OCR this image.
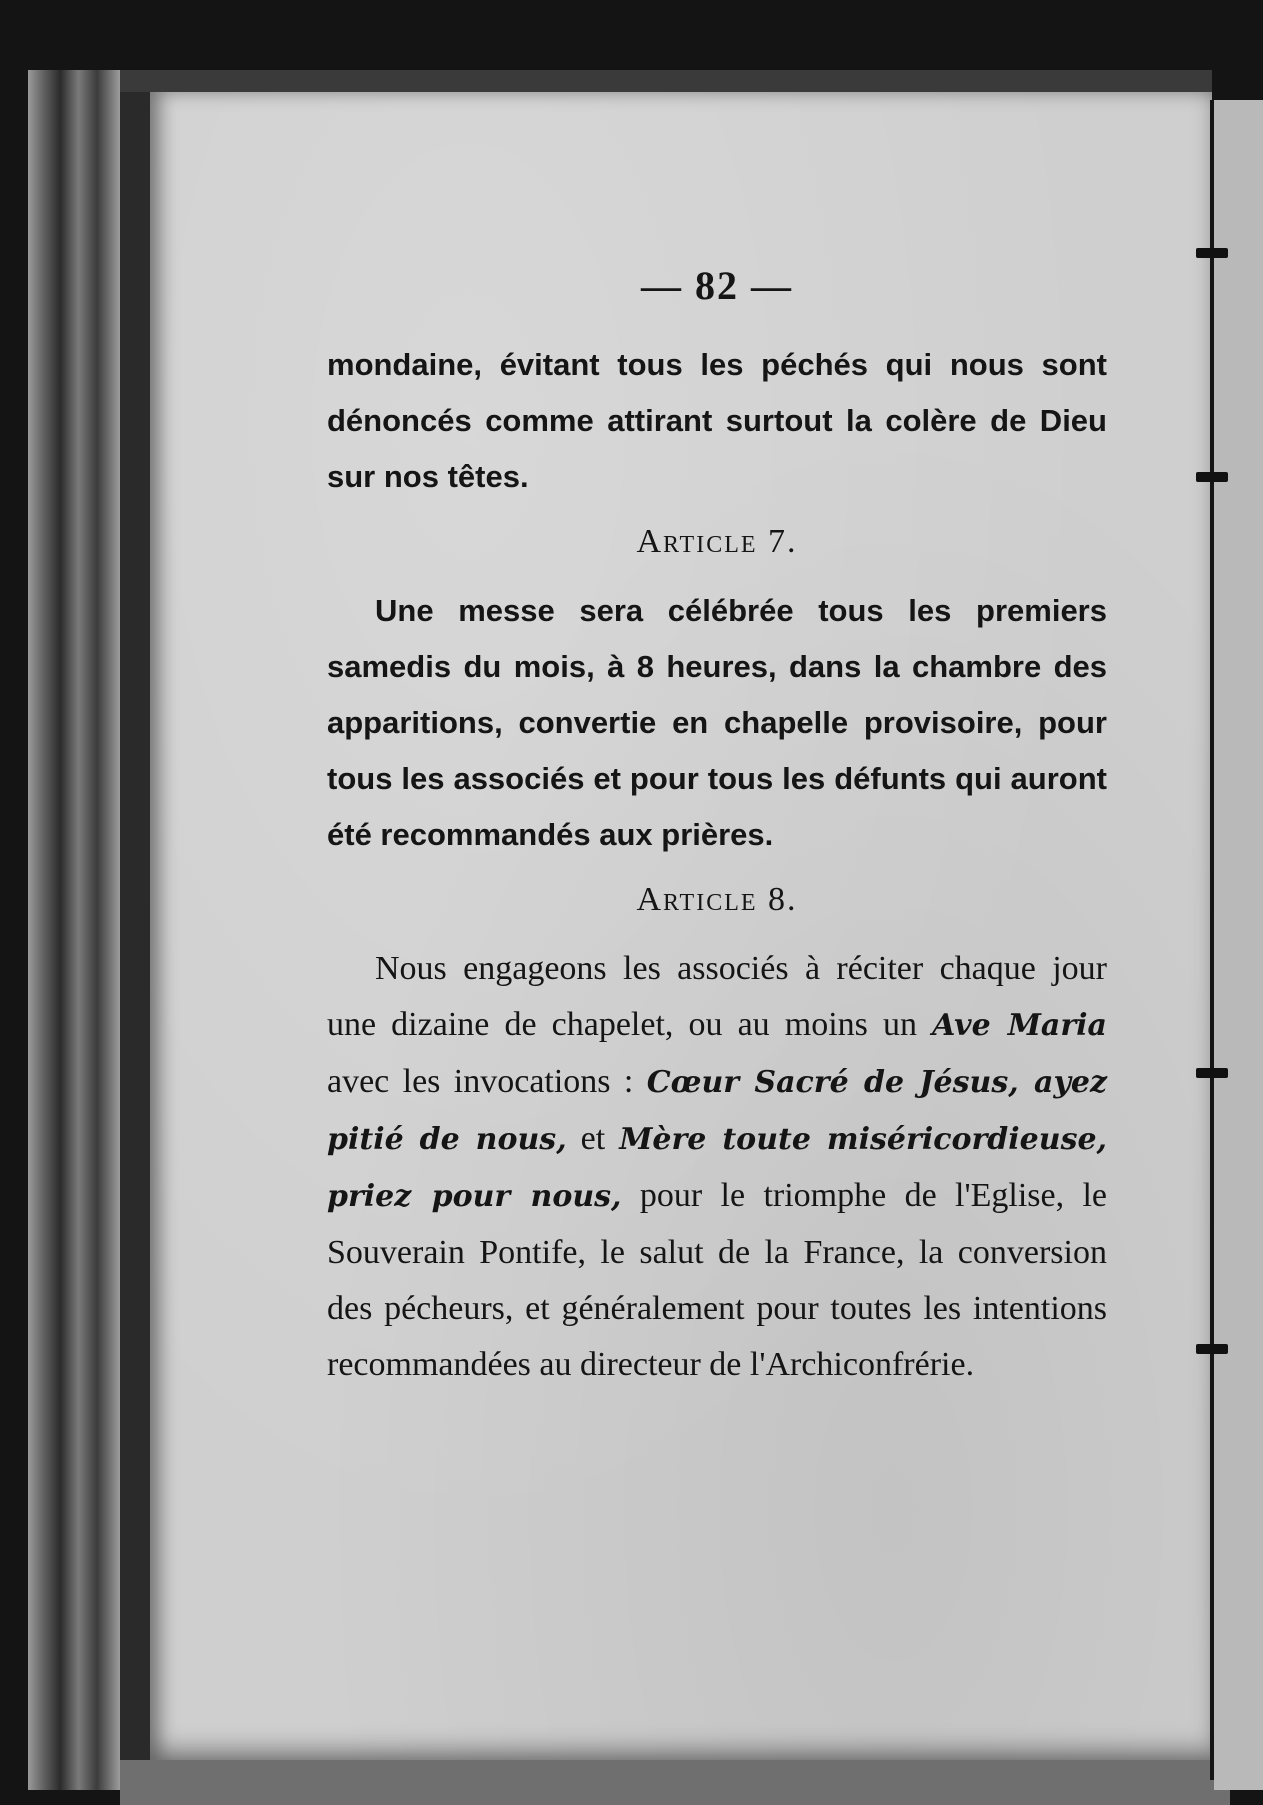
— 82 —

mondaine, évitant tous les péchés qui nous sont dénoncés comme attirant surtout la colère de Dieu sur nos têtes.

Article 7.

Une messe sera célébrée tous les premiers samedis du mois, à 8 heures, dans la chambre des apparitions, convertie en chapelle provisoire, pour tous les associés et pour tous les défunts qui auront été recommandés aux prières.

Article 8.

Nous engageons les associés à réciter chaque jour une dizaine de chapelet, ou au moins un Ave Maria avec les invocations : Cœur Sacré de Jésus, ayez pitié de nous, et Mère toute miséricordieuse, priez pour nous, pour le triomphe de l'Eglise, le Souverain Pontife, le salut de la France, la conversion des pécheurs, et généralement pour toutes les intentions recommandées au directeur de l'Archiconfrérie.
